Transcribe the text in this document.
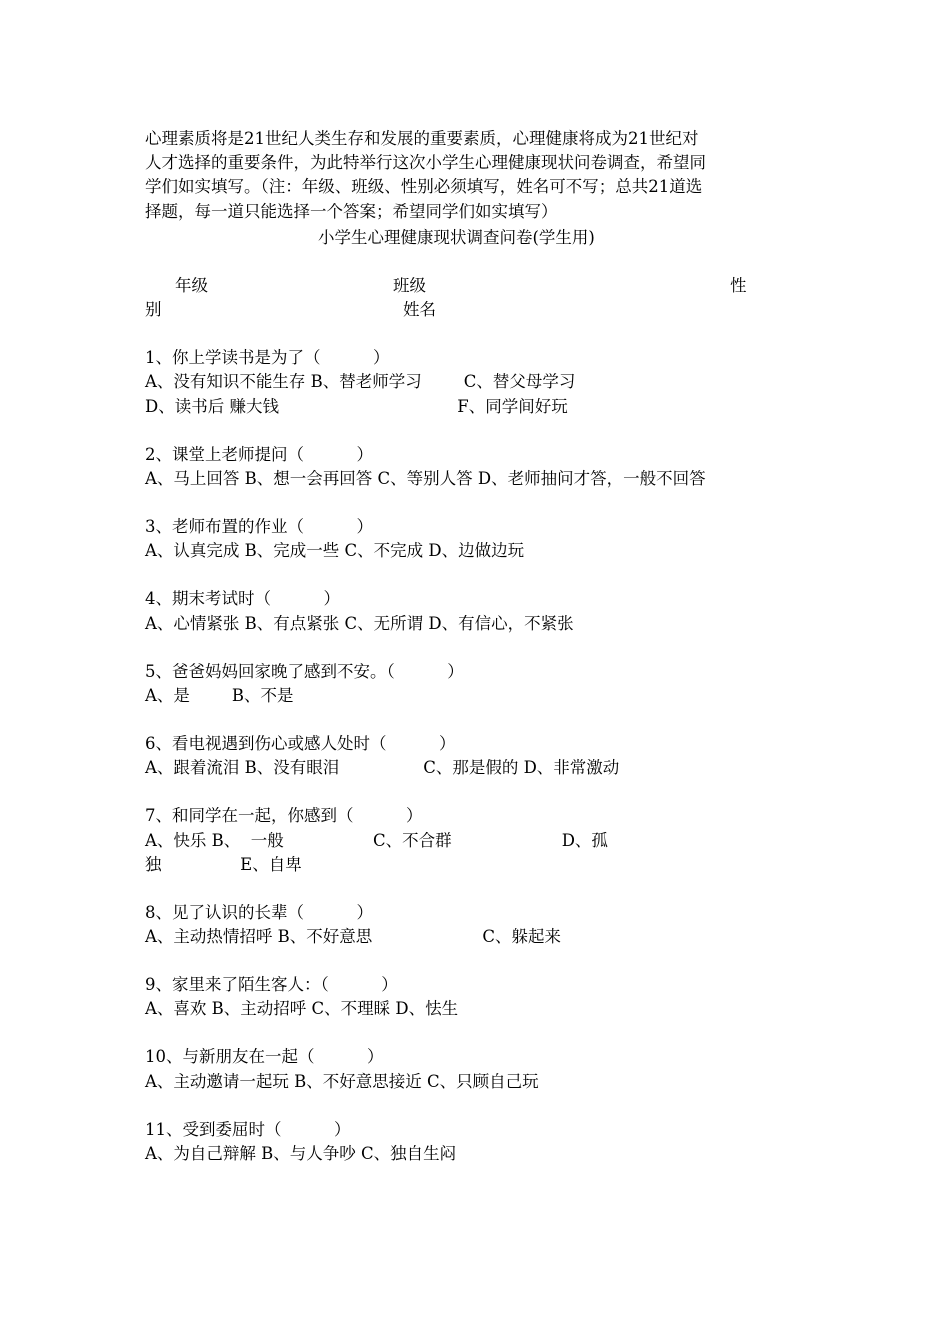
心理素质将是21世纪人类生存和发展的重要素质，心理健康将成为21世纪对
人才选择的重要条件，为此特举行这次小学生心理健康现状问卷调查，希望同
学们如实填写。（注：年级、班级、性别必须填写，姓名可不写；总共21道选
择题，每一道只能选择一个答案；希望同学们如实填写）
小学生心理健康现状调查问卷(学生用)
年级	班级	性
别	姓名
1、你上学读书是为了（          ）
A、没有知识不能生存 B、替老师学习        C、替父母学习
D、读书后 赚大钱                                  F、同学间好玩
2、课堂上老师提问（          ）
A、马上回答 B、想一会再回答 C、等别人答 D、老师抽问才答，一般不回答
3、老师布置的作业（          ）
A、认真完成 B、完成一些 C、不完成 D、边做边玩
4、期末考试时（          ）
A、心情紧张 B、有点紧张 C、无所谓 D、有信心，不紧张
5、爸爸妈妈回家晚了感到不安。（          ）
A、是        B、不是
6、看电视遇到伤心或感人处时（          ）
A、跟着流泪 B、没有眼泪                C、那是假的 D、非常激动
7、和同学在一起，你感到（          ）
A、快乐 B、  一般                 C、不合群                     D、孤
独               E、自卑
8、见了认识的长辈（          ）
A、主动热情招呼 B、不好意思                     C、躲起来
9、家里来了陌生客人：（          ）
A、喜欢 B、主动招呼 C、不理睬 D、怯生
10、与新朋友在一起（          ）
A、主动邀请一起玩 B、不好意思接近 C、只顾自己玩
11、受到委屈时（          ）
A、为自己辩解 B、与人争吵 C、独自生闷
